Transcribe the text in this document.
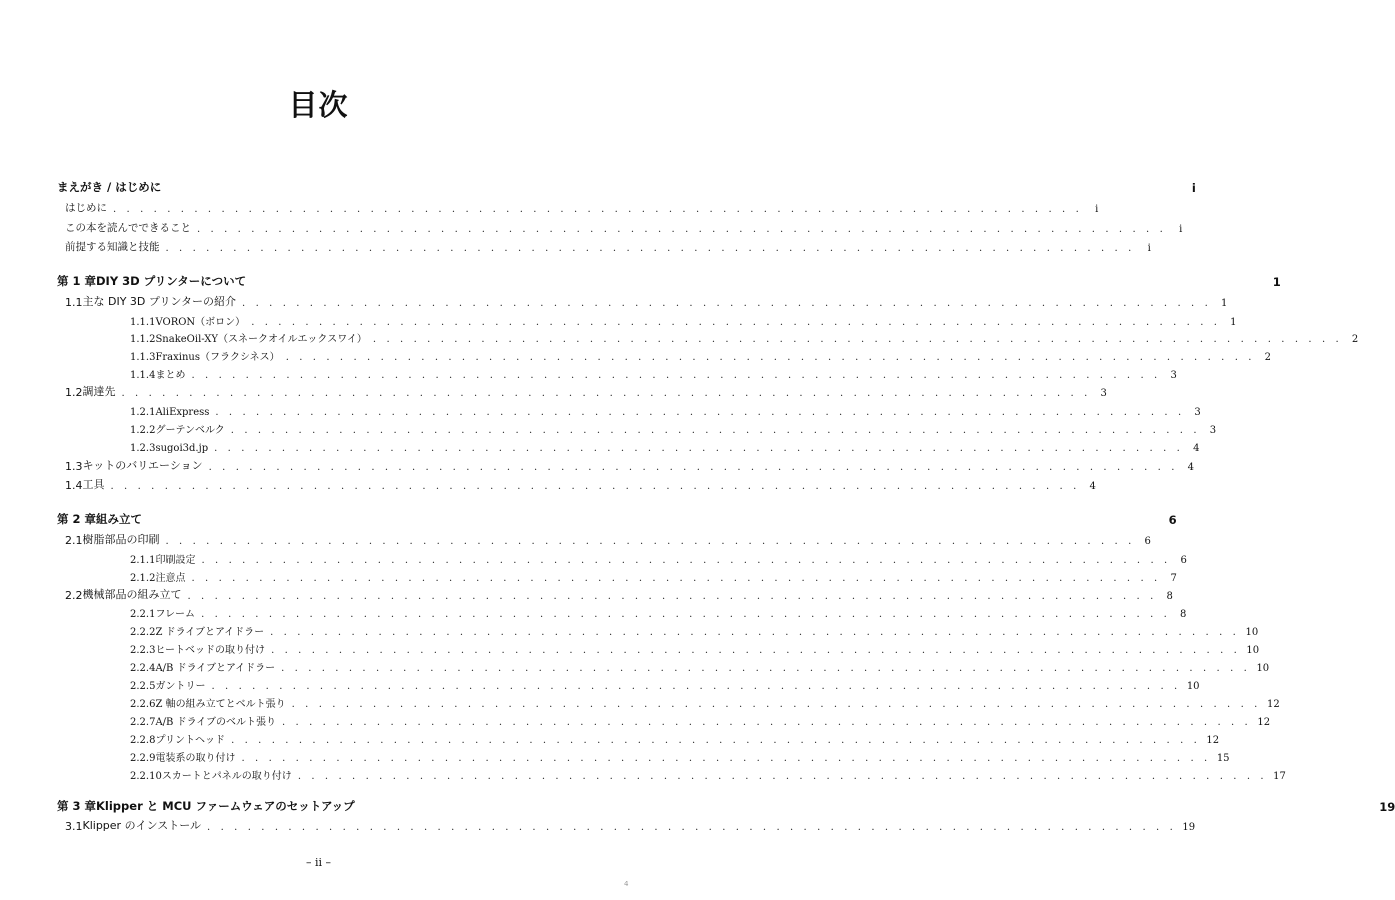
目次
まえがき / はじめに	i
はじめに . . . . . . . . . . . . . . . . . . . . . . . . . . . . . . . . . . . . . . . . . . . . . . . . . . . . . . . . . . . . . . . . . . . . . . . .	i
この本を読んでできること . . . . . . . . . . . . . . . . . . . . . . . . . . . . . . . . . . . . . . . . . . . . . . . . . . . . . . . . . . . . . . . . . . . . . . . .	i
前提する知識と技能 . . . . . . . . . . . . . . . . . . . . . . . . . . . . . . . . . . . . . . . . . . . . . . . . . . . . . . . . . . . . . . . . . . . . . . . .	i
第 1 章 DIY 3D プリンターについて	1
1.1 主な DIY 3D プリンターの紹介 . . . . . . . . . . . . . . . . . . . . . . . . . . . . . . . . . . . . . . . . . . . . . . . . . . . . . . . . . . . . . . . . . . . . . . . . 1
1.1.1 VORON（ボロン） . . . . . . . . . . . . . . . . . . . . . . . . . . . . . . . . . . . . . . . . . . . . . . . . . . . . . . . . . . . . . . . . . . . . . . . . 1
1.1.2 SnakeOil-XY（スネークオイルエックスワイ） . . . . . . . . . . . . . . . . . . . . . . . . . . . . . . . . . . . . . . . . . . . . . . . . . . . . . . . . . . . . . . . . . . . . . . . . 2
1.1.3 Fraxinus（フラクシネス） . . . . . . . . . . . . . . . . . . . . . . . . . . . . . . . . . . . . . . . . . . . . . . . . . . . . . . . . . . . . . . . . . . . . . . . . 2
1.1.4 まとめ . . . . . . . . . . . . . . . . . . . . . . . . . . . . . . . . . . . . . . . . . . . . . . . . . . . . . . . . . . . . . . . . . . . . . . . . 3
1.2 調達先 . . . . . . . . . . . . . . . . . . . . . . . . . . . . . . . . . . . . . . . . . . . . . . . . . . . . . . . . . . . . . . . . . . . . . . . . 3
1.2.1 AliExpress . . . . . . . . . . . . . . . . . . . . . . . . . . . . . . . . . . . . . . . . . . . . . . . . . . . . . . . . . . . . . . . . . . . . . . . . 3
1.2.2 グーテンベルク . . . . . . . . . . . . . . . . . . . . . . . . . . . . . . . . . . . . . . . . . . . . . . . . . . . . . . . . . . . . . . . . . . . . . . . . 3
1.2.3 sugoi3d.jp . . . . . . . . . . . . . . . . . . . . . . . . . . . . . . . . . . . . . . . . . . . . . . . . . . . . . . . . . . . . . . . . . . . . . . . . 4
1.3 キットのバリエーション . . . . . . . . . . . . . . . . . . . . . . . . . . . . . . . . . . . . . . . . . . . . . . . . . . . . . . . . . . . . . . . . . . . . . . . . 4
1.4 工具 . . . . . . . . . . . . . . . . . . . . . . . . . . . . . . . . . . . . . . . . . . . . . . . . . . . . . . . . . . . . . . . . . . . . . . . . 4
第 2 章 組み立て	6
2.1 樹脂部品の印刷 . . . . . . . . . . . . . . . . . . . . . . . . . . . . . . . . . . . . . . . . . . . . . . . . . . . . . . . . . . . . . . . . . . . . . . . . 6
2.1.1 印刷設定 . . . . . . . . . . . . . . . . . . . . . . . . . . . . . . . . . . . . . . . . . . . . . . . . . . . . . . . . . . . . . . . . . . . . . . . . 6
2.1.2 注意点 . . . . . . . . . . . . . . . . . . . . . . . . . . . . . . . . . . . . . . . . . . . . . . . . . . . . . . . . . . . . . . . . . . . . . . . . 7
2.2 機械部品の組み立て . . . . . . . . . . . . . . . . . . . . . . . . . . . . . . . . . . . . . . . . . . . . . . . . . . . . . . . . . . . . . . . . . . . . . . . . 8
2.2.1 フレーム . . . . . . . . . . . . . . . . . . . . . . . . . . . . . . . . . . . . . . . . . . . . . . . . . . . . . . . . . . . . . . . . . . . . . . . . 8
2.2.2 Z ドライブとアイドラー . . . . . . . . . . . . . . . . . . . . . . . . . . . . . . . . . . . . . . . . . . . . . . . . . . . . . . . . . . . . . . . . . . . . . . . . 10
2.2.3 ヒートベッドの取り付け . . . . . . . . . . . . . . . . . . . . . . . . . . . . . . . . . . . . . . . . . . . . . . . . . . . . . . . . . . . . . . . . . . . . . . . . 10
2.2.4 A/B ドライブとアイドラー . . . . . . . . . . . . . . . . . . . . . . . . . . . . . . . . . . . . . . . . . . . . . . . . . . . . . . . . . . . . . . . . . . . . . . . . 10
2.2.5 ガントリー . . . . . . . . . . . . . . . . . . . . . . . . . . . . . . . . . . . . . . . . . . . . . . . . . . . . . . . . . . . . . . . . . . . . . . . . 10
2.2.6 Z 軸の組み立てとベルト張り . . . . . . . . . . . . . . . . . . . . . . . . . . . . . . . . . . . . . . . . . . . . . . . . . . . . . . . . . . . . . . . . . . . . . . . . 12
2.2.7 A/B ドライブのベルト張り . . . . . . . . . . . . . . . . . . . . . . . . . . . . . . . . . . . . . . . . . . . . . . . . . . . . . . . . . . . . . . . . . . . . . . . . 12
2.2.8 プリントヘッド . . . . . . . . . . . . . . . . . . . . . . . . . . . . . . . . . . . . . . . . . . . . . . . . . . . . . . . . . . . . . . . . . . . . . . . . 12
2.2.9 電装系の取り付け . . . . . . . . . . . . . . . . . . . . . . . . . . . . . . . . . . . . . . . . . . . . . . . . . . . . . . . . . . . . . . . . . . . . . . . . 15
2.2.10 スカートとパネルの取り付け . . . . . . . . . . . . . . . . . . . . . . . . . . . . . . . . . . . . . . . . . . . . . . . . . . . . . . . . . . . . . . . . . . . . . . . . 17
第 3 章 Klipper と MCU ファームウェアのセットアップ	19
3.1 Klipper のインストール . . . . . . . . . . . . . . . . . . . . . . . . . . . . . . . . . . . . . . . . . . . . . . . . . . . . . . . . . . . . . . . . . . . . . . . . 19
– ii –
4
